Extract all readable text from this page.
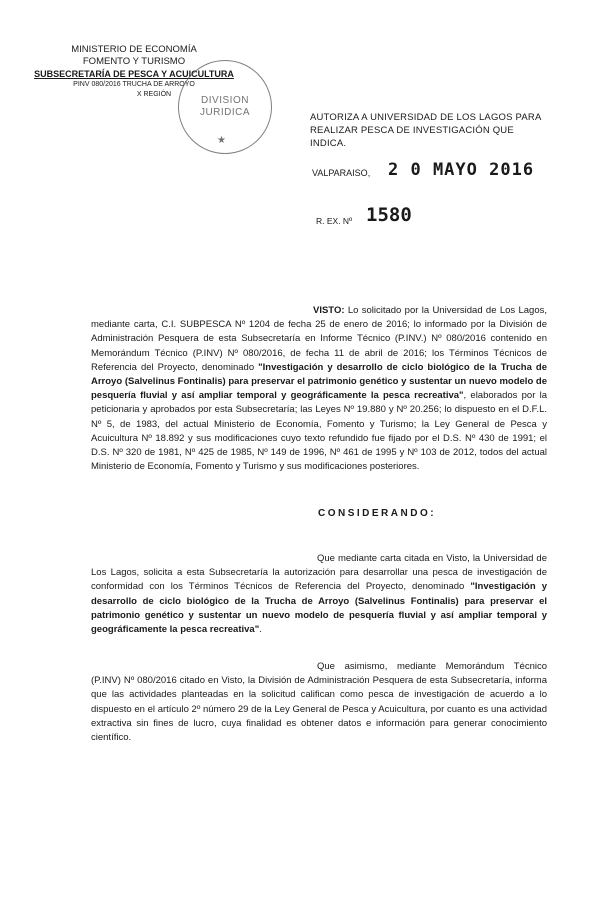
MINISTERIO DE ECONOMÍA
FOMENTO Y TURISMO
SUBSECRETARÍA DE PESCA Y ACUICULTURA
PINV 080/2016 TRUCHA DE ARROYO
X REGIÓN
DIVISION
JURIDICA
★
AUTORIZA A UNIVERSIDAD DE LOS LAGOS PARA REALIZAR PESCA DE INVESTIGACIÓN QUE INDICA.
VALPARAISO, 2 0 MAYO 2016
R. EX. Nº 1580
VISTO: Lo solicitado por la Universidad de Los Lagos, mediante carta, C.I. SUBPESCA Nº 1204 de fecha 25 de enero de 2016; lo informado por la División de Administración Pesquera de esta Subsecretaría en Informe Técnico (P.INV.) Nº 080/2016 contenido en Memorándum Técnico (P.INV) Nº 080/2016, de fecha 11 de abril de 2016; los Términos Técnicos de Referencia del Proyecto, denominado "Investigación y desarrollo de ciclo biológico de la Trucha de Arroyo (Salvelinus Fontinalis) para preservar el patrimonio genético y sustentar un nuevo modelo de pesquería fluvial y así ampliar temporal y geográficamente la pesca recreativa", elaborados por la peticionaria y aprobados por esta Subsecretaría; las Leyes Nº 19.880 y Nº 20.256; lo dispuesto en el D.F.L. Nº 5, de 1983, del actual Ministerio de Economía, Fomento y Turismo; la Ley General de Pesca y Acuicultura Nº 18.892 y sus modificaciones cuyo texto refundido fue fijado por el D.S. Nº 430 de 1991; el D.S. Nº 320 de 1981, Nº 425 de 1985, Nº 149 de 1996, Nº 461 de 1995 y Nº 103 de 2012, todos del actual Ministerio de Economía, Fomento y Turismo y sus modificaciones posteriores.
CONSIDERANDO:
Que mediante carta citada en Visto, la Universidad de Los Lagos, solicita a esta Subsecretaría la autorización para desarrollar una pesca de investigación de conformidad con los Términos Técnicos de Referencia del Proyecto, denominado "Investigación y desarrollo de ciclo biológico de la Trucha de Arroyo (Salvelinus Fontinalis) para preservar el patrimonio genético y sustentar un nuevo modelo de pesquería fluvial y así ampliar temporal y geográficamente la pesca recreativa".
Que asimismo, mediante Memorándum Técnico (P.INV) Nº 080/2016 citado en Visto, la División de Administración Pesquera de esta Subsecretaría, informa que las actividades planteadas en la solicitud califican como pesca de investigación de acuerdo a lo dispuesto en el artículo 2º número 29 de la Ley General de Pesca y Acuicultura, por cuanto es una actividad extractiva sin fines de lucro, cuya finalidad es obtener datos e información para generar conocimiento científico.
